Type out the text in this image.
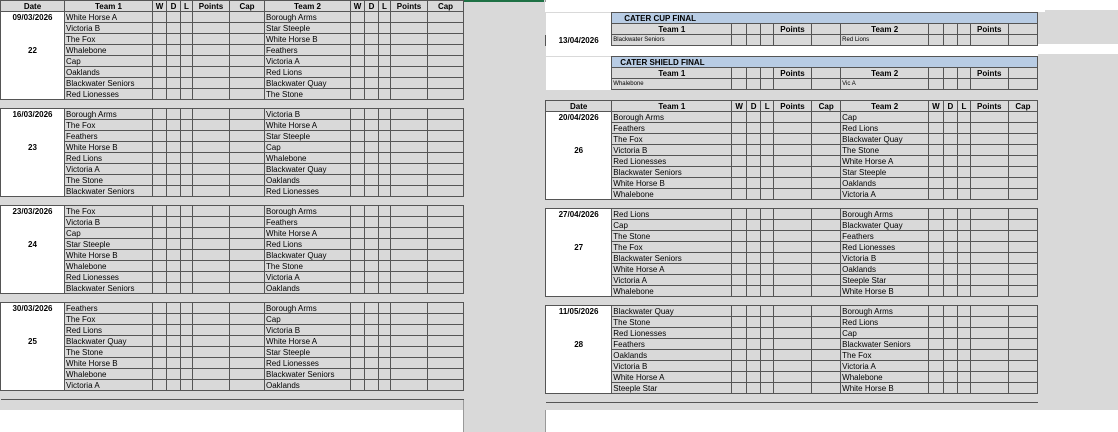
Date	Team 1	W	D	L	Points	Cap	Team 2	W	D	L	Points	Cap
09/03/2026	White Horse A						Borough Arms					
	Victoria B						Star Steeple					
	The Fox						White Horse B					
22	Whalebone						Feathers					
	Cap						Victoria A					
	Oaklands						Red Lions					
	Blackwater Seniors						Blackwater Quay					
	Red Lionesses						The Stone					

16/03/2026	Borough Arms						Victoria B					
	The Fox						White Horse A					
	Feathers						Star Steeple					
23	White Horse B						Cap					
	Red Lions						Whalebone					
	Victoria A						Blackwater Quay					
	The Stone						Oaklands					
	Blackwater Seniors						Red Lionesses					

23/03/2026	The Fox						Borough Arms					
	Victoria B						Feathers					
	Cap						White Horse A					
24	Star Steeple						Red Lions					
	White Horse B						Blackwater Quay					
	Whalebone						The Stone					
	Red Lionesses						Victoria A					
	Blackwater Seniors						Oaklands					

30/03/2026	Feathers						Borough Arms					
	The Fox						Cap					
	Red Lions						Victoria B					
25	Blackwater Quay						White Horse A					
	The Stone						Star Steeple					
	White Horse B						Red Lionesses					
	Whalebone						Blackwater Seniors					
	Victoria A						Oaklands					

	CATER CUP FINAL											
	Team 1				Points		Team 2				Points	
13/04/2026	Blackwater Seniors						Red Lions					

	CATER SHIELD FINAL											
	Team 1				Points		Team 2				Points	
	Whalebone						Vic A					
Date	Team 1	W	D	L	Points	Cap	Team 2	W	D	L	Points	Cap
20/04/2026	Borough Arms						Cap					
	Feathers						Red Lions					
	The Fox						Blackwater Quay					
26	Victoria B						The Stone					
	Red Lionesses						White Horse A					
	Blackwater Seniors						Star Steeple					
	White Horse B						Oaklands					
	Whalebone						Victoria A					

27/04/2026	Red Lions						Borough Arms					
	Cap						Blackwater Quay					
	The Stone						Feathers					
27	The Fox						Red Lionesses					
	Blackwater Seniors						Victoria B					
	White Horse A						Oaklands					
	Victoria A						Steeple Star					
	Whalebone						White Horse B					

11/05/2026	Blackwater Quay						Borough Arms					
	The Stone						Red Lions					
	Red Lionesses						Cap					
28	Feathers						Blackwater Seniors					
	Oaklands						The Fox					
	Victoria B						Victoria A					
	White Horse A						Whalebone					
	Steeple Star						White Horse B					
